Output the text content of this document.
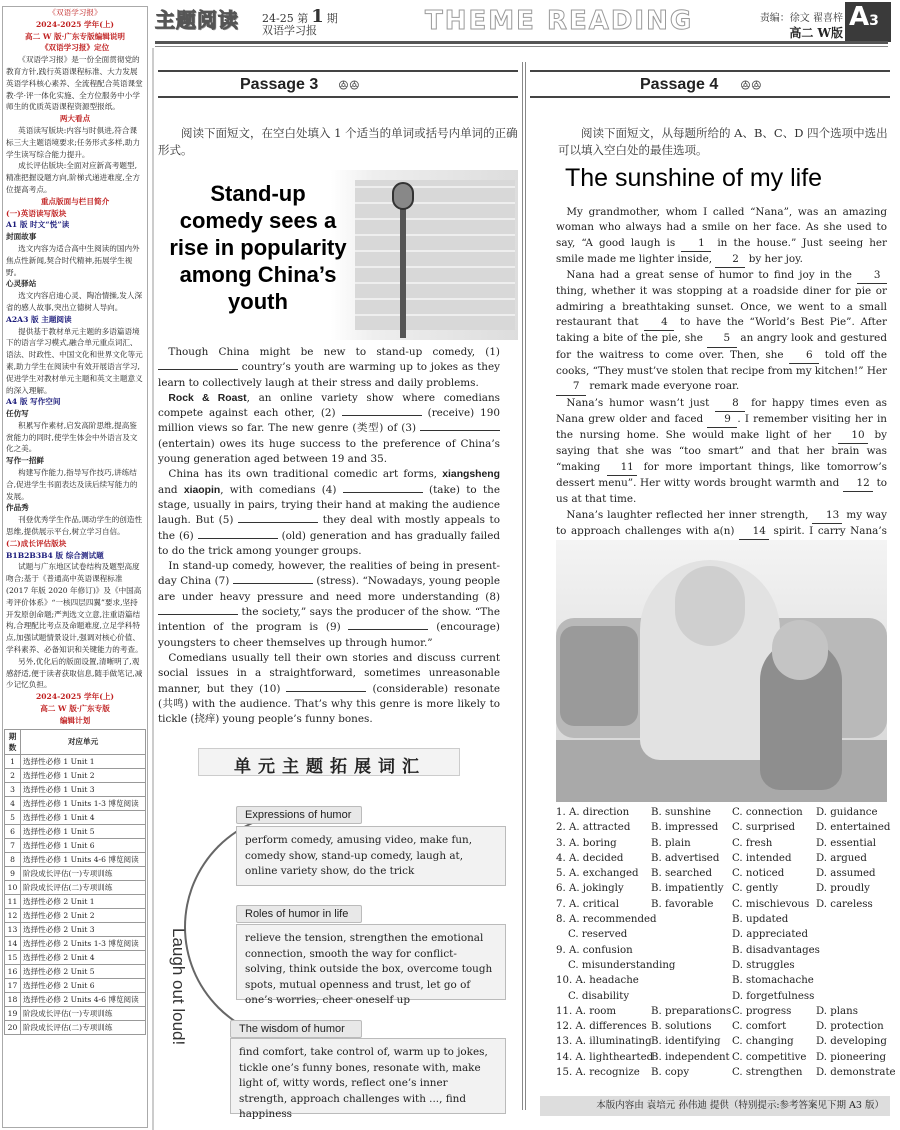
主题阅读 24-25 第 1 期
双语学习报	THEME READING	责编：徐文 翟喜梓
高二 W版
A3
《双语学习报》
2024-2025 学年(上)
高二 W 版·广东专版编辑说明
《双语学习报》定位

《双语学习报》是一份全面贯彻党的教育方针,践行英语课程标准、大力发展英语学科核心素养、全流程配合英语课堂教·学·评一体化实施、全方位服务中小学师生的优质英语课程资源型报纸。

两大看点

英语读写版块:内容与时俱进,符合课标三大主题语境要求;任务形式多样,助力学生读写综合能力提升。

成长评估版块:全面对应新高考题型,精准把握设题方向,阶梯式递进难度,全方位提高考点。

重点版面与栏目简介
(一)英语读写版块
A1 版 时文“悦”读
封面故事

选文内容为适合高中生阅读的国内外焦点性新闻,契合时代精神,拓展学生视野。

心灵驿站

选文内容启迪心灵、陶冶情操,发人深省的感人故事,突出立德树人导向。

A2A3 版 主题阅读

提供基于教材单元主题的多语篇语境下的语言学习模式,融合单元重点词汇、语法、时政性、中国文化和世界文化等元素,助力学生在阅读中有效开展语言学习,促进学生对教材单元主题和英文主题意义的深入理解。

A4 版 写作空间
任仿写

积累写作素材,启发高阶思维,提高鉴赏能力的同时,使学生体会中外语言及文化之美。

写作一招鲜

构建写作能力,指导写作技巧,讲练结合,促进学生书面表达及读后续写能力的发展。

作品秀

刊登优秀学生作品,调动学生的创造性思维,提供展示平台,树立学习自信。

(二)成长评估版块
B1B2B3B4 版 综合测试题

试题与广东地区试卷结构及题型高度吻合;基于《普通高中英语课程标准(2017 年版 2020 年修订)》及《中国高考评价体系》“一核四层四翼”要求,坚持开发原创命题;严判选文立意,注重语篇结构,合理配比考点及命题难度,立足学科特点,加强试题情景设计,强调对核心价值、学科素养、必备知识和关键能力的考查。

另外,优化后的版面设置,清晰明了,观感舒适,便于读者获取信息,随手做笔记,减少记忆负担。

2024-2025 学年(上)
高二 W 版·广东专版
编辑计划
期数	对应单元
1	选择性必修 1 Unit 1
2	选择性必修 1 Unit 2
3	选择性必修 1 Unit 3
4	选择性必修 1 Units 1-3 博览阅读
5	选择性必修 1 Unit 4
6	选择性必修 1 Unit 5
7	选择性必修 1 Unit 6
8	选择性必修 1 Units 4-6 博览阅读
9	阶段成长评估(一)专项训练
10	阶段成长评估(二)专项训练
11	选择性必修 2 Unit 1
12	选择性必修 2 Unit 2
13	选择性必修 2 Unit 3
14	选择性必修 2 Units 1-3 博览阅读
15	选择性必修 2 Unit 4
16	选择性必修 2 Unit 5
17	选择性必修 2 Unit 6
18	选择性必修 2 Units 4-6 博览阅读
19	阶段成长评估(一)专项训练
20	阶段成长评估(二)专项训练
Passage 3	ꔮꔮ
阅读下面短文，在空白处填入 1 个适当的单词或括号内单词的正确形式。
Stand-up comedy sees a rise in popularity among China’s youth

Though China might be new to stand-up comedy, (1)  country’s youth are warming up to jokes as they learn to collectively laugh at their stress and daily problems.

Rock & Roast, an online variety show where comedians compete against each other, (2)	(receive) 190 million views so far. The new genre (类型) of (3)  (entertain) owes its huge success to the preference of China’s young generation aged between 19 and 35.

China has its own traditional comedic art forms, xiangsheng and xiaopin, with comedians (4)	(take) to the stage, usually in pairs, trying their hand at making the audience laugh. But (5)	they deal with mostly appeals to the (6)	(old) generation and has gradually failed to do the trick among younger groups.

In stand-up comedy, however, the realities of being in present-day China (7)	(stress). “Nowadays, young people are under heavy pressure and need more understanding (8)  the society,” says the producer of the show. “The intention of the program is (9)	(encourage) youngsters to cheer themselves up through humor.”

Comedians usually tell their own stories and discuss current social issues in a straightforward, sometimes unreasonable manner, but they (10)	(considerable) resonate (共鸣) with the audience. That’s why this genre is more likely to tickle (挠痒) young people’s funny bones.

单元主题拓展词汇
Laugh out loud!
Expressions of humor
perform comedy, amusing video, make fun, comedy show, stand-up comedy, laugh at, online variety show, do the trick
Roles of humor in life
relieve the tension, strengthen the emotional connection, smooth the way for conflict-solving, think outside the box, overcome tough spots, mutual openness and trust, let go of one’s worries, cheer oneself up
The wisdom of humor
find comfort, take control of, warm up to jokes, tickle one’s funny bones, resonate with, make light of, witty words, reflect one’s inner strength, approach challenges with ..., find happiness
Passage 4	ꔮꔮ
阅读下面短文，从每题所给的 A、B、C、D 四个选项中选出可以填入空白处的最佳选项。
The sunshine of my life

My grandmother, whom I called “Nana”, was an amazing woman who always had a smile on her face. As she used to say, “A good laugh is 1 in the house.” Just seeing her smile made me lighter inside, 2 by her joy.

Nana had a great sense of humor to find joy in the 3 thing, whether it was stopping at a roadside diner for pie or admiring a breathtaking sunset. Once, we went to a small restaurant that 4 to have the “World’s Best Pie”. After taking a bite of the pie, she 5 an angry look and gestured for the waitress to come over. Then, she 6 told off the cooks, “They must’ve stolen that recipe from my kitchen!” Her 7 remark made everyone roar.

Nana’s humor wasn’t just 8 for happy times even as Nana grew older and faced 9 . I remember visiting her in the nursing home. She would make light of her 10 by saying that she was “too smart” and that her brain was “making 11 for more important things, like tomorrow’s dessert menu”. Her witty words brought warmth and 12 to us at that time.

Nana’s laughter reflected her inner strength, 13 my way to approach challenges with a(n) 14 spirit. I carry Nana’s

1. A. direction B. sunshine C. connection D. guidance
2. A. attracted B. impressed C. surprised D. entertained
3. A. boring	B. plain	C. fresh	D. essential
4. A. decided	B. advertised C. intended D. argued
5. A. exchanged B. searched C. noticed	D. assumed
6. A. jokingly	B. impatiently C. gently	D. proudly
7. A. critical	B. favorable C. mischievous D. careless
8. A. recommended	B. updated
C. reserved	D. appreciated
9. A. confusion	B. disadvantages
C. misunderstanding	D. struggles
10. A. headache	B. stomachache
C. disability	D. forgetfulness
11. A. room	B. preparations C. progress D. plans
12. A. differences B. solutions C. comfort	D. protection
13. A. illuminating B. identifying C. changing D. developing
14. A. lighthearted
B. independent C. competitive D. pioneering
15. A. recognize B. copy	C. strengthen D. demonstrate
本版内容由 袁培元 孙伟迪 提供（特别提示:参考答案见下期 A3 版）
